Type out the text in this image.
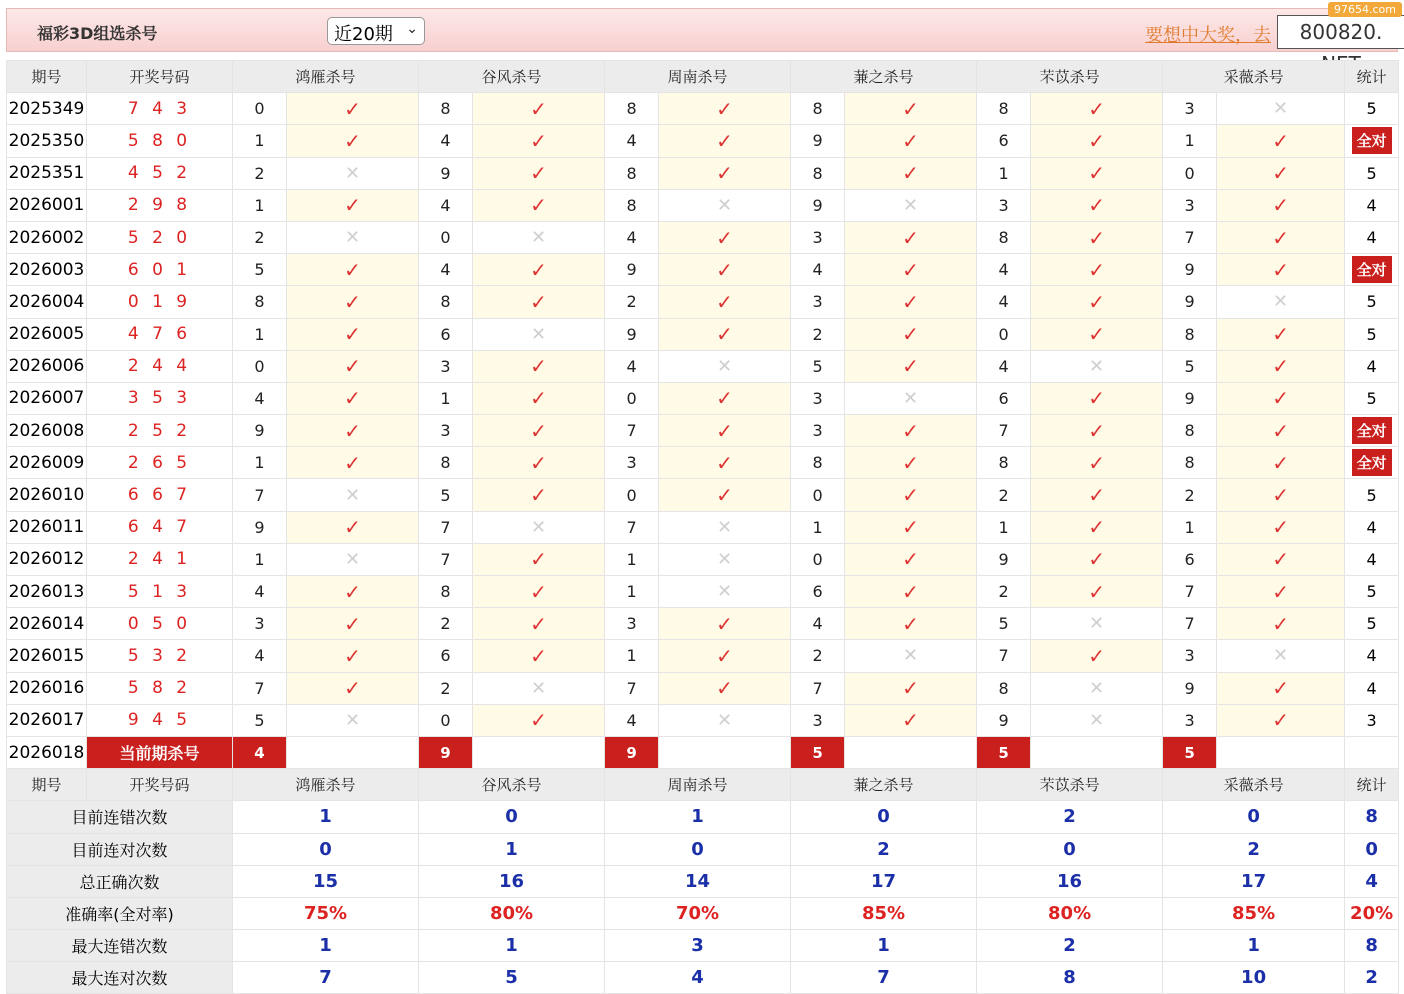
福彩3D组选杀号	近20期 ⌄	要想中大奖，去	800820.
97654.com
期号	开奖号码	鸿雁杀号		谷风杀号		周南杀号		蒹之杀号		芣苡杀号		采薇杀号		统计
2025349	7 4 3	0	✓	8	✓	8	✓	8	✓	8	✓	3	✕	5
2025350	5 8 0	1	✓	4	✓	4	✓	9	✓	6	✓	1	✓	全对
2025351	4 5 2	2	✕	9	✓	8	✓	8	✓	1	✓	0	✓	5
2026001	2 9 8	1	✓	4	✓	8	✕	9	✕	3	✓	3	✓	4
2026002	5 2 0	2	✕	0	✕	4	✓	3	✓	8	✓	7	✓	4
2026003	6 0 1	5	✓	4	✓	9	✓	4	✓	4	✓	9	✓	全对
2026004	0 1 9	8	✓	8	✓	2	✓	3	✓	4	✓	9	✕	5
2026005	4 7 6	1	✓	6	✕	9	✓	2	✓	0	✓	8	✓	5
2026006	2 4 4	0	✓	3	✓	4	✕	5	✓	4	✕	5	✓	4
2026007	3 5 3	4	✓	1	✓	0	✓	3	✕	6	✓	9	✓	5
2026008	2 5 2	9	✓	3	✓	7	✓	3	✓	7	✓	8	✓	全对
2026009	2 6 5	1	✓	8	✓	3	✓	8	✓	8	✓	8	✓	全对
2026010	6 6 7	7	✕	5	✓	0	✓	0	✓	2	✓	2	✓	5
2026011	6 4 7	9	✓	7	✕	7	✕	1	✓	1	✓	1	✓	4
2026012	2 4 1	1	✕	7	✓	1	✕	0	✓	9	✓	6	✓	4
2026013	5 1 3	4	✓	8	✓	1	✕	6	✓	2	✓	7	✓	5
2026014	0 5 0	3	✓	2	✓	3	✓	4	✓	5	✕	7	✓	5
2026015	5 3 2	4	✓	6	✓	1	✓	2	✕	7	✓	3	✕	4
2026016	5 8 2	7	✓	2	✕	7	✓	7	✓	8	✕	9	✓	4
2026017	9 4 5	5	✕	0	✓	4	✕	3	✓	9	✕	3	✓	3
2026018	当前期杀号	4		9		9		5		5		5		
期号	开奖号码	鸿雁杀号		谷风杀号		周南杀号		蒹之杀号		芣苡杀号		采薇杀号		统计
目前连错次数		1		0		1		0		2		0		8
目前连对次数		0		1		0		2		0		2		0
总正确次数		15		16		14		17		16		17		4
准确率(全对率)		75%		80%		70%		85%		80%		85%		20%
最大连错次数		1		1		3		1		2		1		8
最大连对次数		7		5		4		7		8		10		2
